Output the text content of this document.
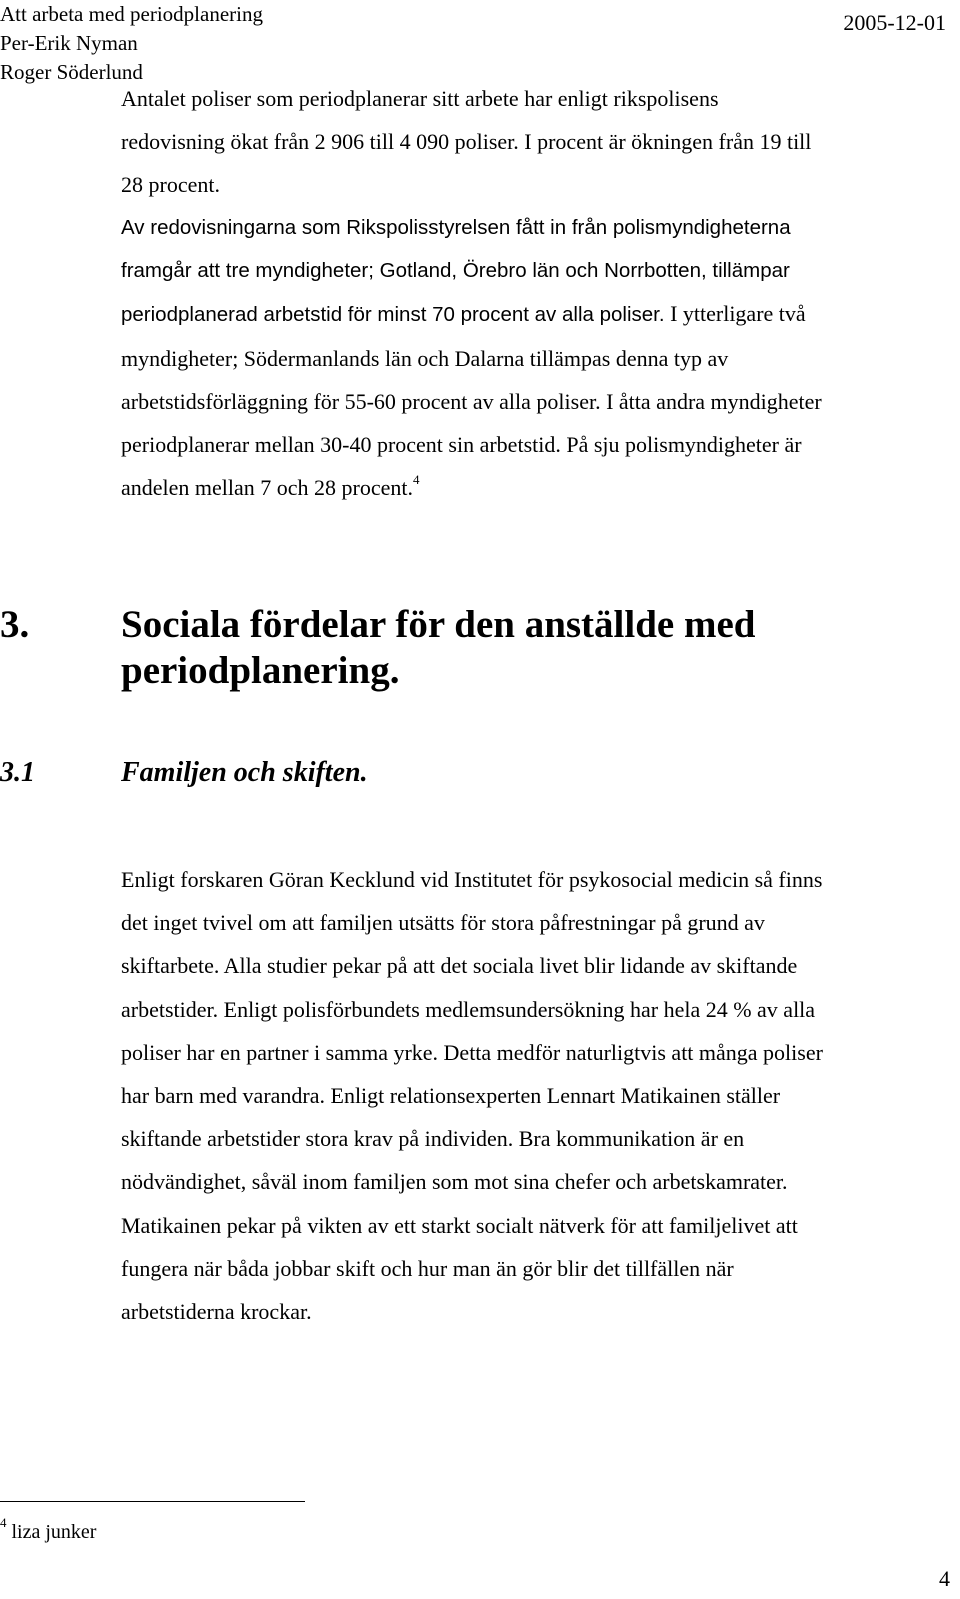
Att arbeta med periodplanering
Per-Erik Nyman
Roger Söderlund
2005-12-01

Antalet poliser som periodplanerar sitt arbete har enligt rikspolisens
redovisning ökat från 2 906 till 4 090 poliser. I procent är ökningen från 19 till
28 procent.

Av redovisningarna som Rikspolisstyrelsen fått in från polismyndigheterna
framgår att tre myndigheter; Gotland, Örebro län och Norrbotten, tillämpar
periodplanerad arbetstid för minst 70 procent av alla poliser. I ytterligare två
myndigheter; Södermanlands län och Dalarna tillämpas denna typ av
arbetstidsförläggning för 55-60 procent av alla poliser. I åtta andra myndigheter
periodplanerar mellan 30-40 procent sin arbetstid. På sju polismyndigheter är
andelen mellan 7 och 28 procent.$^4$

3. Sociala fördelar för den anställde med
periodplanering.
3.1	Familjen och skiften.

Enligt forskaren Göran Kecklund vid Institutet för psykosocial medicin så finns
det inget tvivel om att familjen utsätts för stora påfrestningar på grund av
skiftarbete. Alla studier pekar på att det sociala livet blir lidande av skiftande
arbetstider. Enligt polisförbundets medlemsundersökning har hela 24 % av alla
poliser har en partner i samma yrke. Detta medför naturligtvis att många poliser
har barn med varandra. Enligt relationsexperten Lennart Matikainen ställer
skiftande arbetstider stora krav på individen. Bra kommunikation är en
nödvändighet, såväl inom familjen som mot sina chefer och arbetskamrater.
Matikainen pekar på vikten av ett starkt socialt nätverk för att familjelivet att
fungera när båda jobbar skift och hur man än gör blir det tillfällen när
arbetstiderna krockar.

$^4$ liza junker
4
